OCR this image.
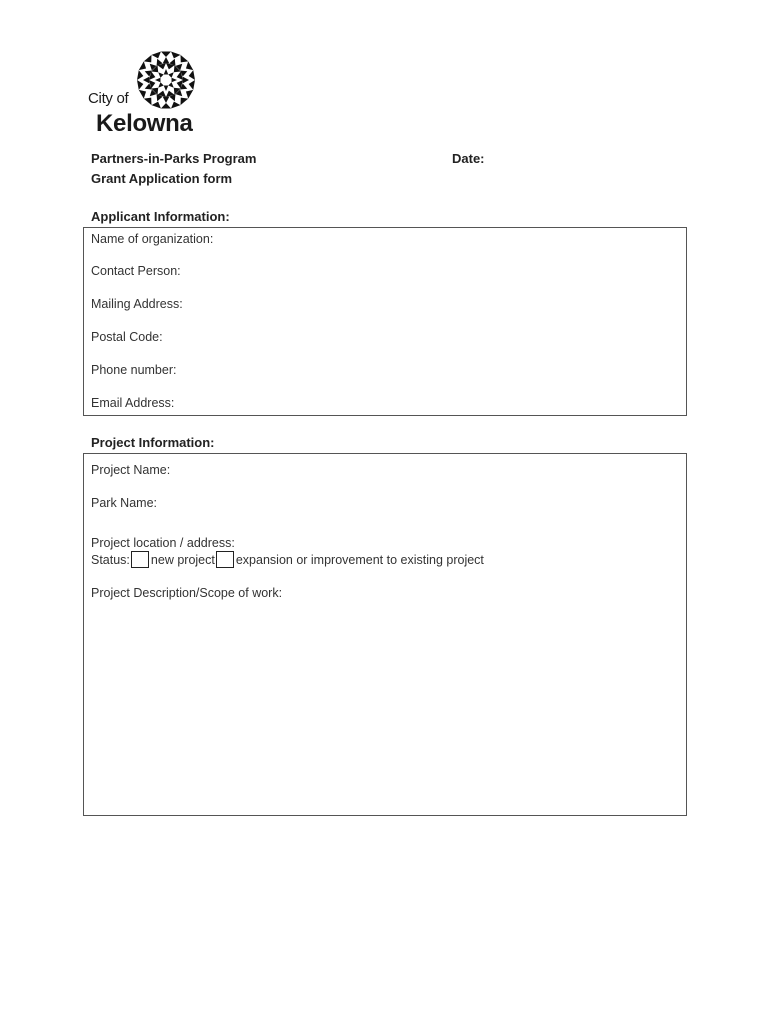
City of
Kelowna
Partners-in-Parks Program
Grant Application form
Date:
Applicant Information:
Name of organization:
Contact Person:
Mailing Address:
Postal Code:
Phone number:
Email Address:
Project Information:
Project Name:
Park Name:
Project location / address:
Status: new project expansion or improvement to existing project
Project Description/Scope of work:
